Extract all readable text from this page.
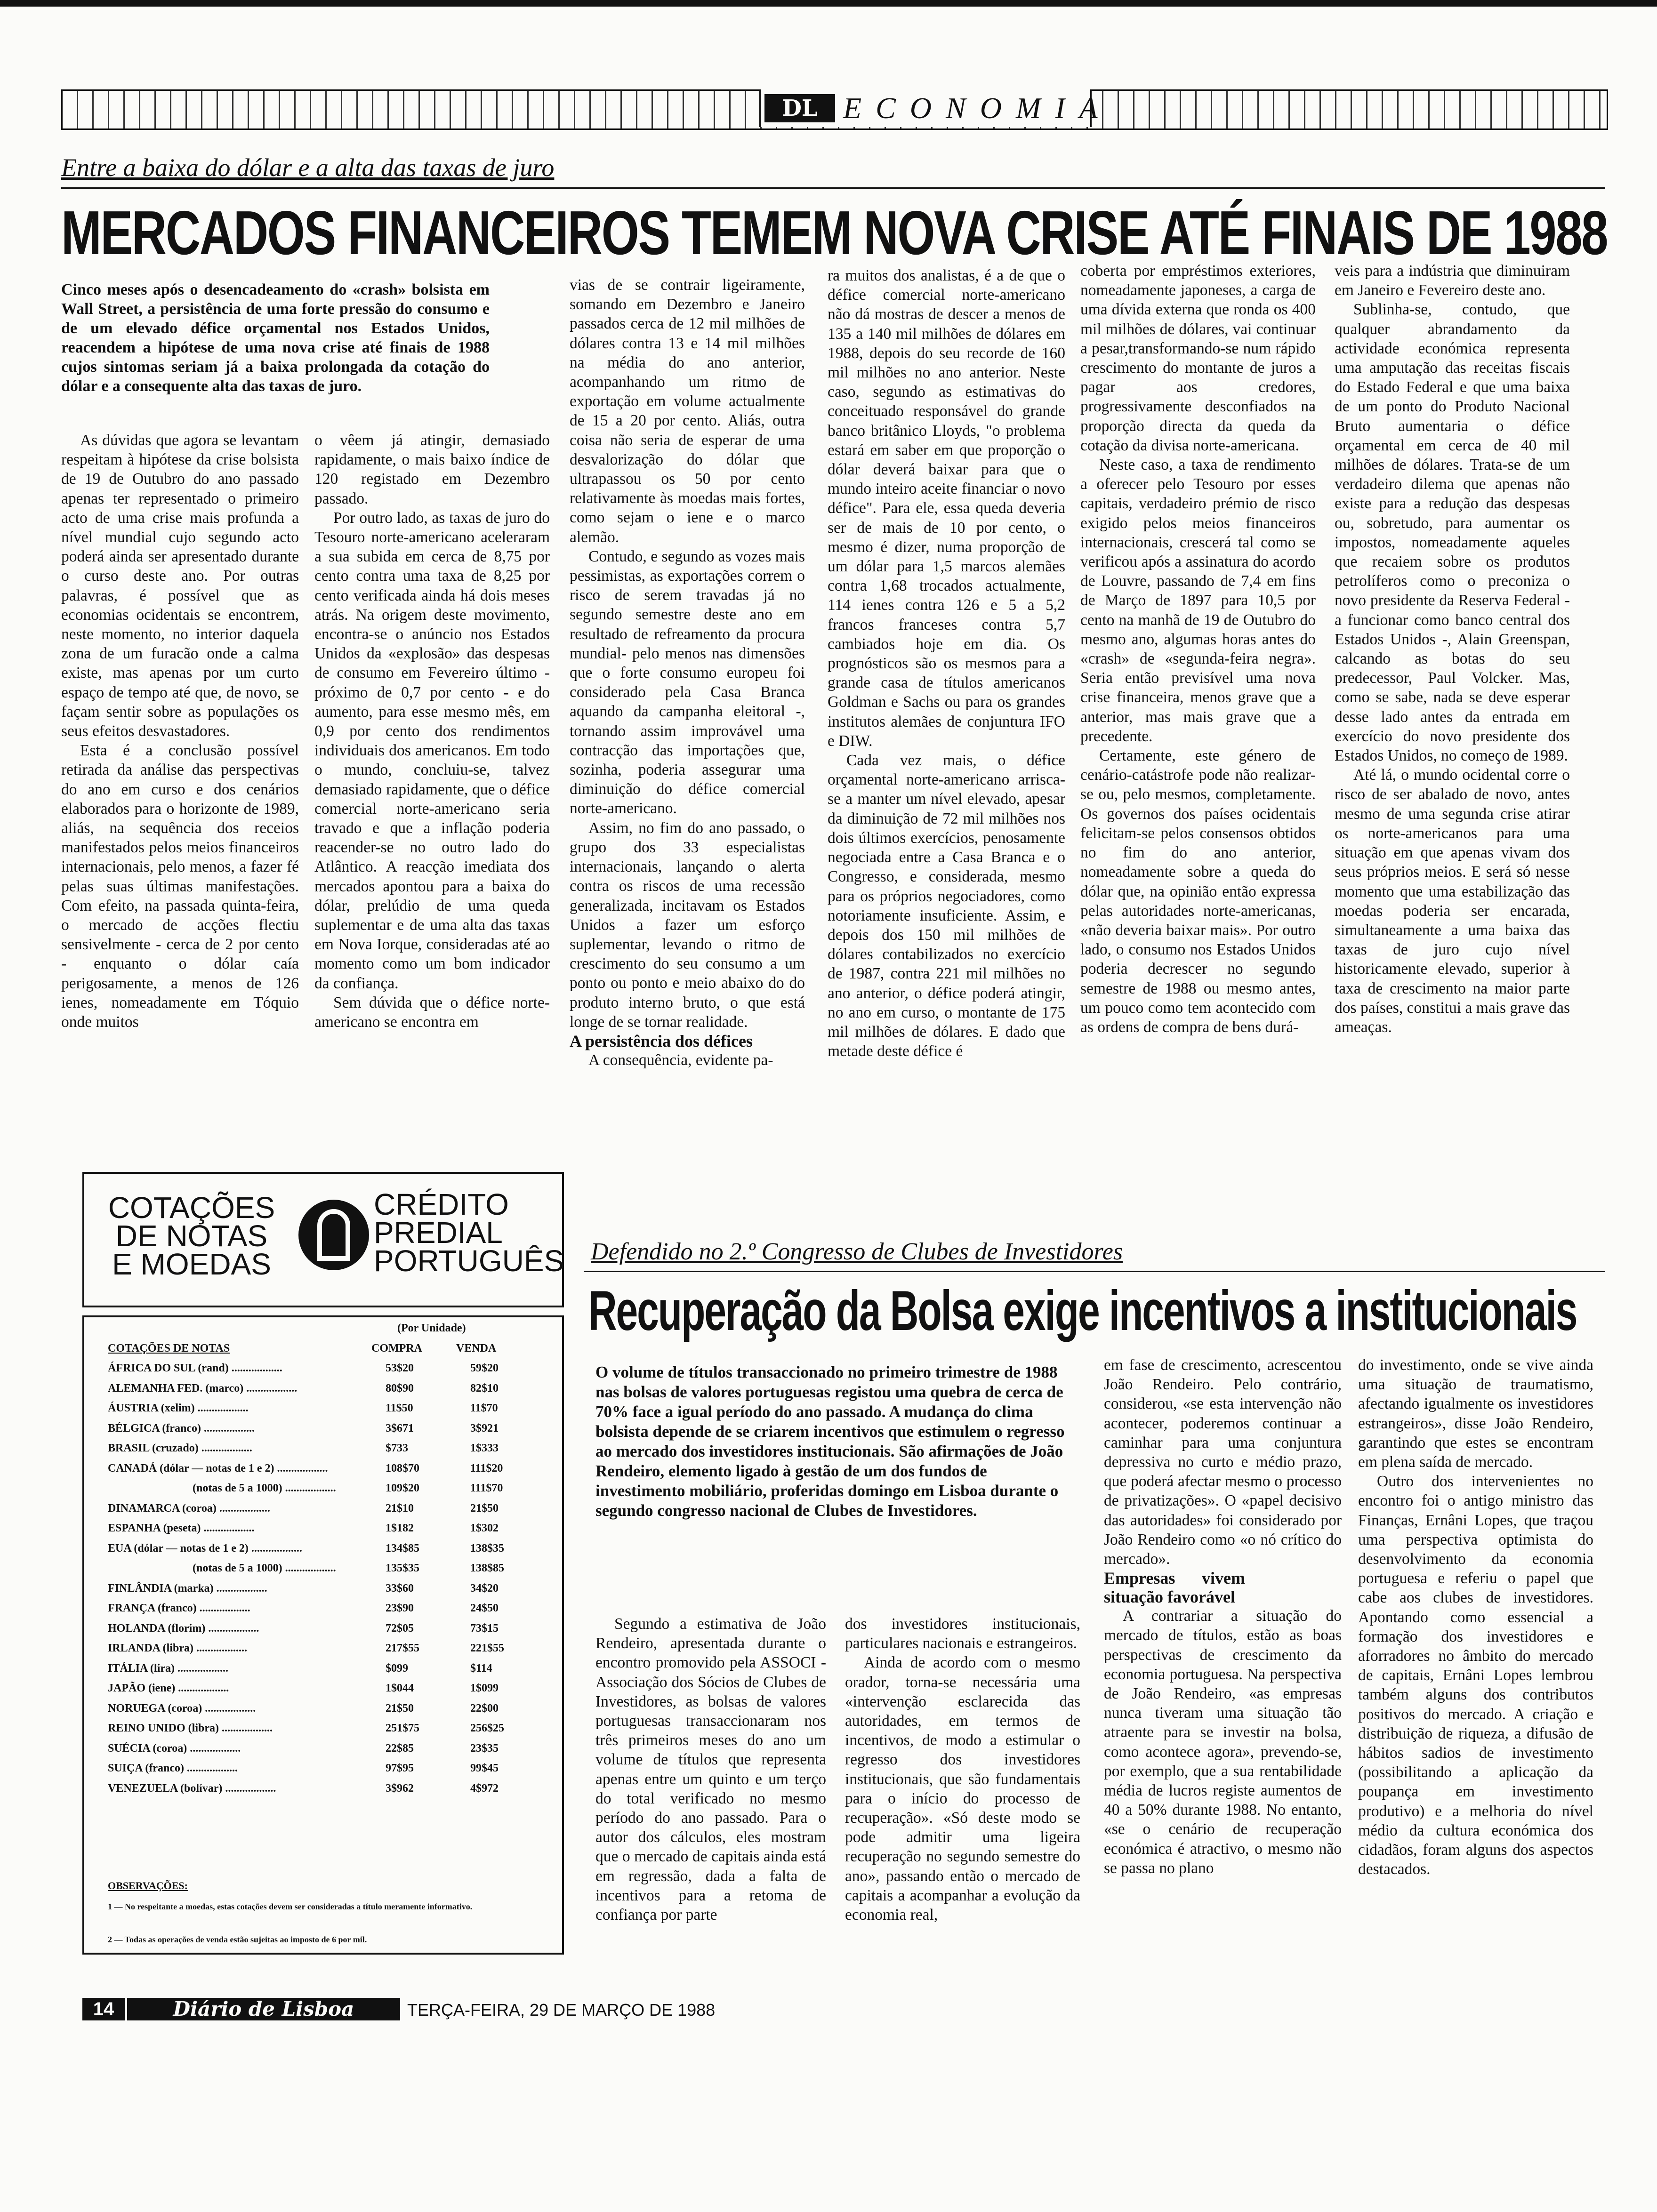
DL ECONOMIA
Entre a baixa do dólar e a alta das taxas de juro
MERCADOS FINANCEIROS TEMEM NOVA CRISE ATÉ FINAIS DE 1988
Cinco meses após o desencadeamento do «crash» bolsista em Wall Street, a persistência de uma forte pressão do consumo e de um elevado défice orçamental nos Estados Unidos, reacendem a hipótese de uma nova crise até finais de 1988 cujos sintomas seriam já a baixa prolongada da cotação do dólar e a consequente alta das taxas de juro.

As dúvidas que agora se levantam respeitam à hipótese da crise bolsista de 19 de Outubro do ano passado apenas ter representado o primeiro acto de uma crise mais profunda a nível mundial cujo segundo acto poderá ainda ser apresentado durante o curso deste ano. Por outras palavras, é possível que as economias ocidentais se encontrem, neste momento, no interior daquela zona de um furacão onde a calma existe, mas apenas por um curto espaço de tempo até que, de novo, se façam sentir sobre as populações os seus efeitos desvastadores.

Esta é a conclusão possível retirada da análise das perspectivas do ano em curso e dos cenários elaborados para o horizonte de 1989, aliás, na sequência dos receios manifestados pelos meios financeiros internacionais, pelo menos, a fazer fé pelas suas últimas manifestações. Com efeito, na passada quinta-feira, o mercado de acções flectiu sensivelmente - cerca de 2 por cento - enquanto o dólar caía perigosamente, a menos de 126 ienes, nomeadamente em Tóquio onde muitos

o vêem já atingir, demasiado rapidamente, o mais baixo índice de 120 registado em Dezembro passado.

Por outro lado, as taxas de juro do Tesouro norte-americano aceleraram a sua subida em cerca de 8,75 por cento contra uma taxa de 8,25 por cento verificada ainda há dois meses atrás. Na origem deste movimento, encontra-se o anúncio nos Estados Unidos da «explosão» das despesas de consumo em Fevereiro último - próximo de 0,7 por cento - e do aumento, para esse mesmo mês, em 0,9 por cento dos rendimentos individuais dos americanos. Em todo o mundo, concluiu-se, talvez demasiado rapidamente, que o défice comercial norte-americano seria travado e que a inflação poderia reacender-se no outro lado do Atlântico. A reacção imediata dos mercados apontou para a baixa do dólar, prelúdio de uma queda suplementar e de uma alta das taxas em Nova Iorque, consideradas até ao momento como um bom indicador da confiança.

Sem dúvida que o défice norte-americano se encontra em

vias de se contrair ligeiramente, somando em Dezembro e Janeiro passados cerca de 12 mil milhões de dólares contra 13 e 14 mil milhões na média do ano anterior, acompanhando um ritmo de exportação em volume actualmente de 15 a 20 por cento. Aliás, outra coisa não seria de esperar de uma desvalorização do dólar que ultrapassou os 50 por cento relativamente às moedas mais fortes, como sejam o iene e o marco alemão.

Contudo, e segundo as vozes mais pessimistas, as exportações correm o risco de serem travadas já no segundo semestre deste ano em resultado de refreamento da procura mundial- pelo menos nas dimensões que o forte consumo europeu foi considerado pela Casa Branca aquando da campanha eleitoral -, tornando assim improvável uma contracção das importações que, sozinha, poderia assegurar uma diminuição do défice comercial norte-americano.

Assim, no fim do ano passado, o grupo dos 33 especialistas internacionais, lançando o alerta contra os riscos de uma recessão generalizada, incitavam os Estados Unidos a fazer um esforço suplementar, levando o ritmo de crescimento do seu consumo a um ponto ou ponto e meio abaixo do do produto interno bruto, o que está longe de se tornar realidade.

A persistência dos défices

A consequência, evidente pa-

ra muitos dos analistas, é a de que o défice comercial norte-americano não dá mostras de descer a menos de 135 a 140 mil milhões de dólares em 1988, depois do seu recorde de 160 mil milhões no ano anterior. Neste caso, segundo as estimativas do conceituado responsável do grande banco britânico Lloyds, "o problema estará em saber em que proporção o dólar deverá baixar para que o mundo inteiro aceite financiar o novo défice". Para ele, essa queda deveria ser de mais de 10 por cento, o mesmo é dizer, numa proporção de um dólar para 1,5 marcos alemães contra 1,68 trocados actualmente, 114 ienes contra 126 e 5 a 5,2 francos franceses contra 5,7 cambiados hoje em dia. Os prognósticos são os mesmos para a grande casa de títulos americanos Goldman e Sachs ou para os grandes institutos alemães de conjuntura IFO e DIW.

Cada vez mais, o défice orçamental norte-americano arrisca-se a manter um nível elevado, apesar da diminuição de 72 mil milhões nos dois últimos exercícios, penosamente negociada entre a Casa Branca e o Congresso, e considerada, mesmo para os próprios negociadores, como notoriamente insuficiente. Assim, e depois dos 150 mil milhões de dólares contabilizados no exercício de 1987, contra 221 mil milhões no ano anterior, o défice poderá atingir, no ano em curso, o montante de 175 mil milhões de dólares. E dado que metade deste défice é

coberta por empréstimos exteriores, nomeadamente japoneses, a carga de uma dívida externa que ronda os 400 mil milhões de dólares, vai continuar a pesar,transformando-se num rápido crescimento do montante de juros a pagar aos credores, progressivamente desconfiados na proporção directa da queda da cotação da divisa norte-americana.

Neste caso, a taxa de rendimento a oferecer pelo Tesouro por esses capitais, verdadeiro prémio de risco exigido pelos meios financeiros internacionais, crescerá tal como se verificou após a assinatura do acordo de Louvre, passando de 7,4 em fins de Março de 1897 para 10,5 por cento na manhã de 19 de Outubro do mesmo ano, algumas horas antes do «crash» de «segunda-feira negra». Seria então previsível uma nova crise financeira, menos grave que a anterior, mas mais grave que a precedente.

Certamente, este género de cenário-catástrofe pode não realizar-se ou, pelo mesmos, completamente. Os governos dos países ocidentais felicitam-se pelos consensos obtidos no fim do ano anterior, nomeadamente sobre a queda do dólar que, na opinião então expressa pelas autoridades norte-americanas, «não deveria baixar mais». Por outro lado, o consumo nos Estados Unidos poderia decrescer no segundo semestre de 1988 ou mesmo antes, um pouco como tem acontecido com as ordens de compra de bens durá-

veis para a indústria que diminuiram em Janeiro e Fevereiro deste ano.

Sublinha-se, contudo, que qualquer abrandamento da actividade económica representa uma amputação das receitas fiscais do Estado Federal e que uma baixa de um ponto do Produto Nacional Bruto aumentaria o défice orçamental em cerca de 40 mil milhões de dólares. Trata-se de um verdadeiro dilema que apenas não existe para a redução das despesas ou, sobretudo, para aumentar os impostos, nomeadamente aqueles que recaiem sobre os produtos petrolíferos como o preconiza o novo presidente da Reserva Federal - a funcionar como banco central dos Estados Unidos -, Alain Greenspan, calcando as botas do seu predecessor, Paul Volcker. Mas, como se sabe, nada se deve esperar desse lado antes da entrada em exercício do novo presidente dos Estados Unidos, no começo de 1989.

Até lá, o mundo ocidental corre o risco de ser abalado de novo, antes mesmo de uma segunda crise atirar os norte-americanos para uma situação em que apenas vivam dos seus próprios meios. E será só nesse momento que uma estabilização das moedas poderia ser encarada, simultaneamente a uma baixa das taxas de juro cujo nível historicamente elevado, superior à taxa de crescimento na maior parte dos países, constitui a mais grave das ameaças.

COTAÇÕES
DE NOTAS
E MOEDAS
CRÉDITO
PREDIAL
PORTUGUÊS
(Por Unidade)
COTAÇÕES DE NOTAS	COMPRA	VENDA
ÁFRICA DO SUL (rand) ..................	53$20	59$20
ALEMANHA FED. (marco) ..................	80$90	82$10
ÁUSTRIA (xelim) ..................	11$50	11$70
BÉLGICA (franco) ..................	3$671	3$921
BRASIL (cruzado) ..................	$733	1$333
CANADÁ (dólar — notas de 1 e 2) ..................	108$70	111$20
(notas de 5 a 1000) ..................	109$20	111$70
DINAMARCA (coroa) ..................	21$10	21$50
ESPANHA (peseta) ..................	1$182	1$302
EUA (dólar — notas de 1 e 2) ..................	134$85	138$35
(notas de 5 a 1000) ..................	135$35	138$85
FINLÂNDIA (marka) ..................	33$60	34$20
FRANÇA (franco) ..................	23$90	24$50
HOLANDA (florim) ..................	72$05	73$15
IRLANDA (libra) ..................	217$55	221$55
ITÁLIA (lira) ..................	$099	$114
JAPÃO (iene) ..................	1$044	1$099
NORUEGA (coroa) ..................	21$50	22$00
REINO UNIDO (libra) ..................	251$75	256$25
SUÉCIA (coroa) ..................	22$85	23$35
SUIÇA (franco) ..................	97$95	99$45
VENEZUELA (bolívar) ..................	3$962	4$972
OBSERVAÇÕES:
1 — No respeitante a moedas, estas cotações devem ser consideradas a título meramente informativo.
2 — Todas as operações de venda estão sujeitas ao imposto de 6 por mil.
Defendido no 2.º Congresso de Clubes de Investidores
Recuperação da Bolsa exige incentivos a institucionais
O volume de títulos transaccionado no primeiro trimestre de 1988 nas bolsas de valores portuguesas registou uma quebra de cerca de 70% face a igual período do ano passado. A mudança do clima bolsista depende de se criarem incentivos que estimulem o regresso ao mercado dos investidores institucionais. São afirmações de João Rendeiro, elemento ligado à gestão de um dos fundos de investimento mobiliário, proferidas domingo em Lisboa durante o segundo congresso nacional de Clubes de Investidores.

Segundo a estimativa de João Rendeiro, apresentada durante o encontro promovido pela ASSOCI - Associação dos Sócios de Clubes de Investidores, as bolsas de valores portuguesas transaccionaram nos três primeiros meses do ano um volume de títulos que representa apenas entre um quinto e um terço do total verificado no mesmo período do ano passado. Para o autor dos cálculos, eles mostram que o mercado de capitais ainda está em regressão, dada a falta de incentivos para a retoma de confiança por parte

dos investidores institucionais, particulares nacionais e estrangeiros.

Ainda de acordo com o mesmo orador, torna-se necessária uma «intervenção esclarecida das autoridades, em termos de incentivos, de modo a estimular o regresso dos investidores institucionais, que são fundamentais para o início do processo de recuperação». «Só deste modo se pode admitir uma ligeira recuperação no segundo semestre do ano», passando então o mercado de capitais a acompanhar a evolução da economia real,

em fase de crescimento, acrescentou João Rendeiro. Pelo contrário, considerou, «se esta intervenção não acontecer, poderemos continuar a caminhar para uma conjuntura depressiva no curto e médio prazo, que poderá afectar mesmo o processo de privatizações». O «papel decisivo das autoridades» foi considerado por João Rendeiro como «o nó crítico do mercado».

Empresas vivem situação favorável

A contrariar a situação do mercado de títulos, estão as boas perspectivas de crescimento da economia portuguesa. Na perspectiva de João Rendeiro, «as empresas nunca tiveram uma situação tão atraente para se investir na bolsa, como acontece agora», prevendo-se, por exemplo, que a sua rentabilidade média de lucros registe aumentos de 40 a 50% durante 1988. No entanto, «se o cenário de recuperação económica é atractivo, o mesmo não se passa no plano

do investimento, onde se vive ainda uma situação de traumatismo, afectando igualmente os investidores estrangeiros», disse João Rendeiro, garantindo que estes se encontram em plena saída de mercado.

Outro dos intervenientes no encontro foi o antigo ministro das Finanças, Ernâni Lopes, que traçou uma perspectiva optimista do desenvolvimento da economia portuguesa e referiu o papel que cabe aos clubes de investidores. Apontando como essencial a formação dos investidores e aforradores no âmbito do mercado de capitais, Ernâni Lopes lembrou também alguns dos contributos positivos do mercado. A criação e distribuição de riqueza, a difusão de hábitos sadios de investimento (possibilitando a aplicação da poupança em investimento produtivo) e a melhoria do nível médio da cultura económica dos cidadãos, foram alguns dos aspectos destacados.

14	Diário de Lisboa	TERÇA-FEIRA, 29 DE MARÇO DE 1988
